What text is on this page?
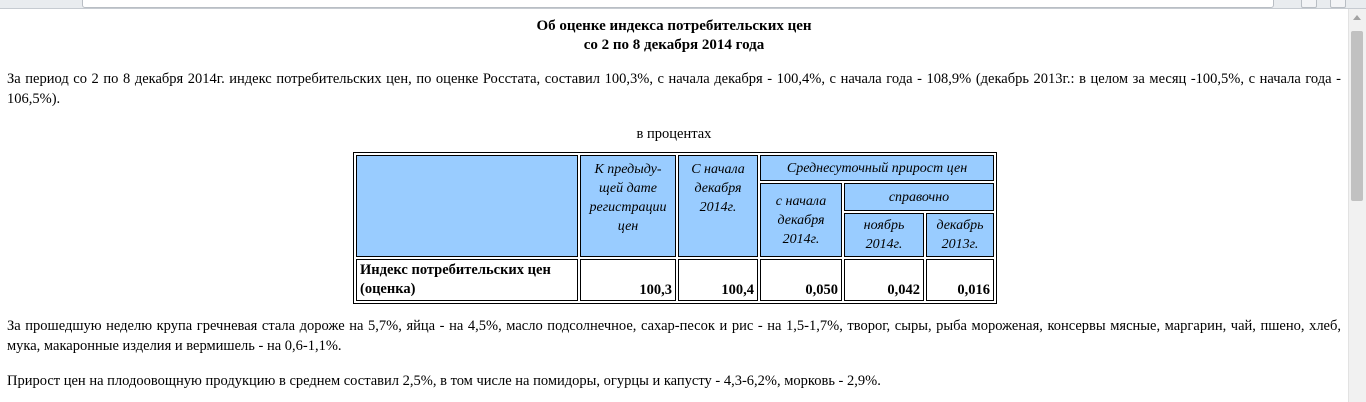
Об оценке индекса потребительских цен
со 2 по 8 декабря 2014 года

За период со 2 по 8 декабря 2014г. индекс потребительских цен, по оценке Росстата, составил 100,3%, с начала декабря - 100,4%, с начала года - 108,9% (декабрь 2013г.: в целом за месяц -100,5%, с начала года - 106,5%).

в процентах
	К предыду-щей дате регистрации цен	С начала декабря 2014г.	Среднесуточный прирост цен		
			с начала декабря 2014г.	справочно	
				ноябрь 2014г.	декабрь 2013г.
Индекс потребительских цен (оценка)	100,3	100,4	0,050	0,042	0,016

За прошедшую неделю крупа гречневая стала дороже на 5,7%, яйца - на 4,5%, масло подсолнечное, сахар-песок и рис - на 1,5-1,7%, творог, сыры, рыба мороженая, консервы мясные, маргарин, чай, пшено, хлеб, мука, макаронные изделия и вермишель - на 0,6-1,1%.

Прирост цен на плодоовощную продукцию в среднем составил 2,5%, в том числе на помидоры, огурцы и капусту - 4,3-6,2%, морковь - 2,9%.
